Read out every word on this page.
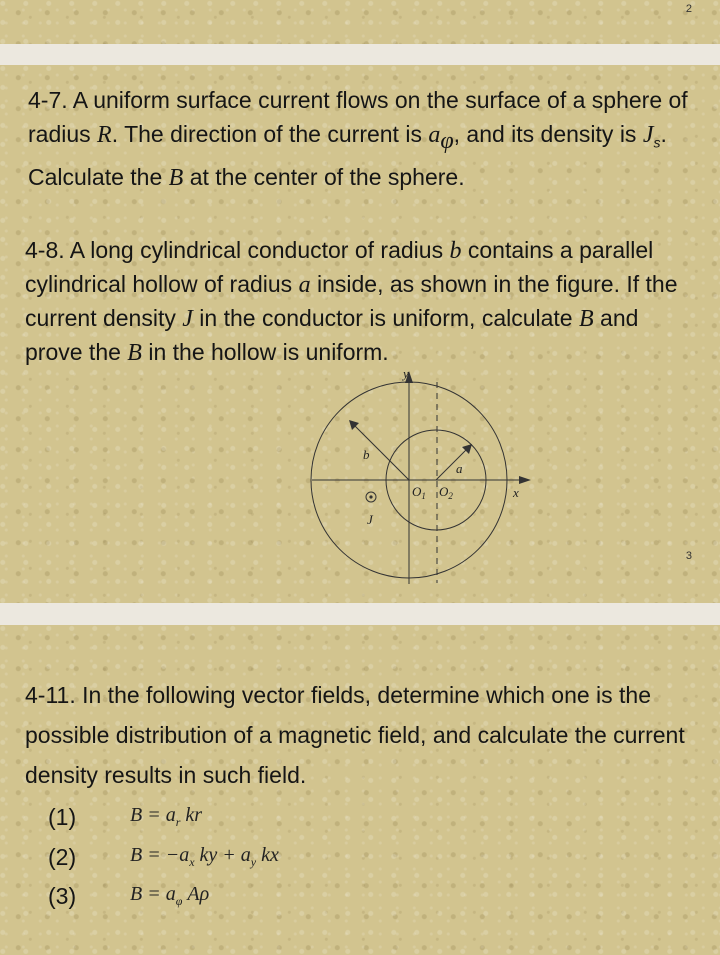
2

4-7. A uniform surface current flows on the surface of a sphere of radius R. The direction of the current is $a_\varphi$, and its density is $J_s$. Calculate the B at the center of the sphere.

4-8. A long cylindrical conductor of radius b contains a parallel cylindrical hollow of radius a inside, as shown in the figure. If the current density J in the conductor is uniform, calculate B and prove the B in the hollow is uniform.

3
y
x
b
a
$O_1$ $O_2$
J

4-11. In the following vector fields, determine which one is the possible distribution of a magnetic field, and calculate the current density results in such field.

(1)	$B = a_r$ kr
(2)	$B = -a_x$ ky + $a_y$ kx
(3)	$B = a_\varphi$ Aρ
